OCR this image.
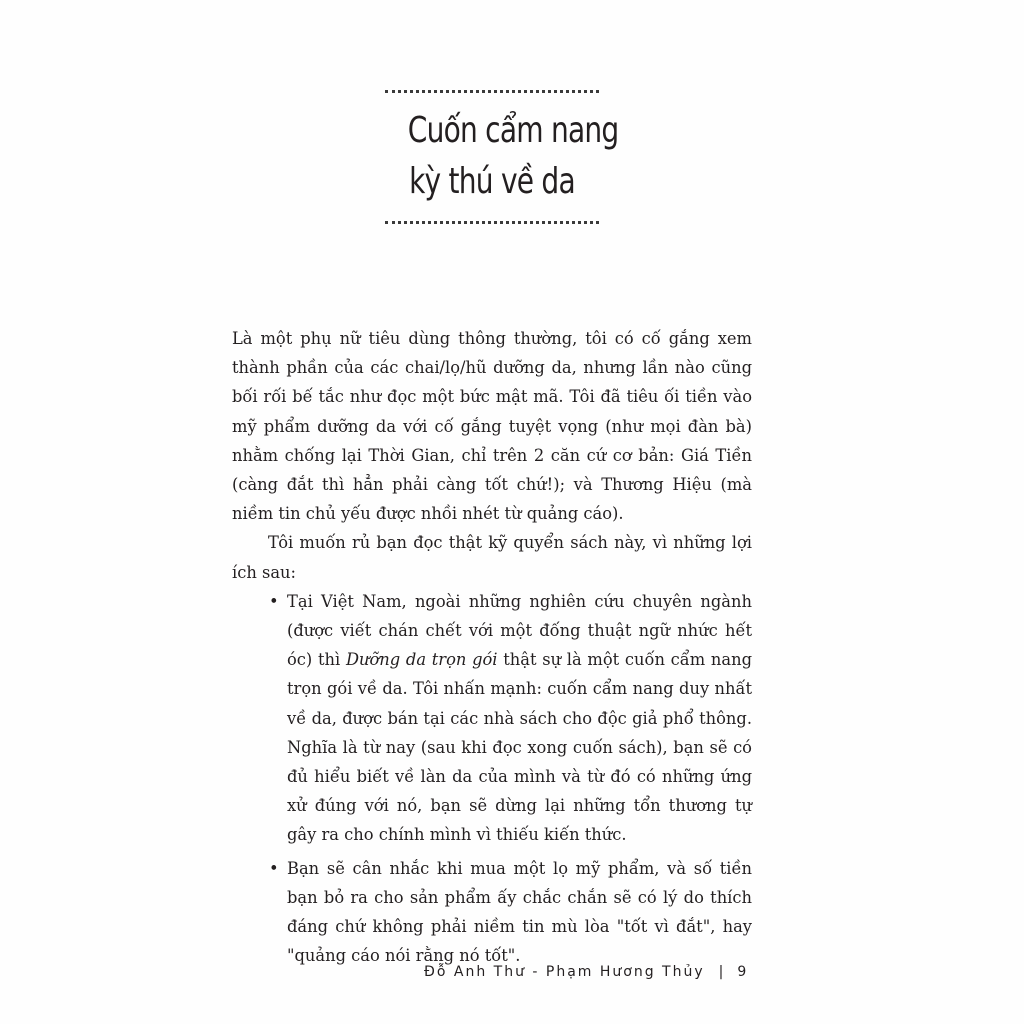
Cuốn cẩm nang
kỳ thú về da

Là một phụ nữ tiêu dùng thông thường, tôi có cố gắng xem thành phần của các chai/lọ/hũ dưỡng da, nhưng lần nào cũng bối rối bế tắc như đọc một bức mật mã. Tôi đã tiêu ối tiền vào mỹ phẩm dưỡng da với cố gắng tuyệt vọng (như mọi đàn bà) nhằm chống lại Thời Gian, chỉ trên 2 căn cứ cơ bản: Giá Tiền (càng đắt thì hẳn phải càng tốt chứ!); và Thương Hiệu (mà niềm tin chủ yếu được nhồi nhét từ quảng cáo).

Tôi muốn rủ bạn đọc thật kỹ quyển sách này, vì những lợi ích sau:

• Tại Việt Nam, ngoài những nghiên cứu chuyên ngành (được viết chán chết với một đống thuật ngữ nhức hết óc) thì Dưỡng da trọn gói thật sự là một cuốn cẩm nang trọn gói về da. Tôi nhấn mạnh: cuốn cẩm nang duy nhất về da, được bán tại các nhà sách cho độc giả phổ thông. Nghĩa là từ nay (sau khi đọc xong cuốn sách), bạn sẽ có đủ hiểu biết về làn da của mình và từ đó có những ứng xử đúng với nó, bạn sẽ dừng lại những tổn thương tự gây ra cho chính mình vì thiếu kiến thức.
• Bạn sẽ cân nhắc khi mua một lọ mỹ phẩm, và số tiền bạn bỏ ra cho sản phẩm ấy chắc chắn sẽ có lý do thích đáng chứ không phải niềm tin mù lòa "tốt vì đắt", hay "quảng cáo nói rằng nó tốt".
Đỗ Anh Thư - Phạm Hương Thủy | 9
